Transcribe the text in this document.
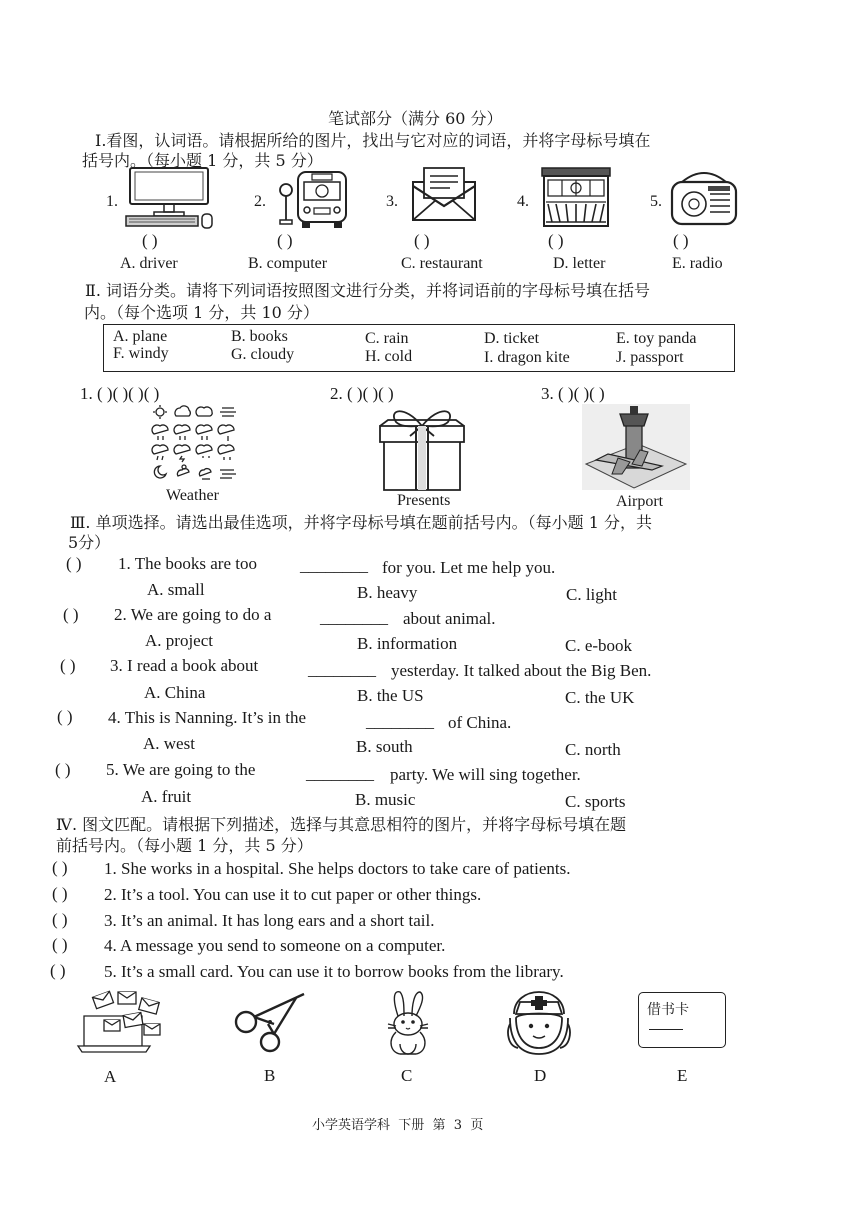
笔试部分（满分 60 分）
Ⅰ.看图，认词语。请根据所给的图片，找出与它对应的词语，并将字母标号填在
括号内。（每小题 1 分，共 5 分）
1.	2.	3.	4.	5.
( )	( )	( )	( )	( )
A. driver	B. computer	C. restaurant	D. letter	E. radio
Ⅱ. 词语分类。请将下列词语按照图文进行分类，并将词语前的字母标号填在括号
内。（每个选项 1 分，共 10 分）
A. plane	B. books	C. rain	D. ticket	E. toy panda
F. windy	G. cloudy	H. cold	I. dragon kite	J. passport
1. ( )( )( )( )	2. ( )( )( )	3. ( )( )( )
Weather	Presents	Airport
Ⅲ. 单项选择。请选出最佳选项，并将字母标号填在题前括号内。（每小题 1 分，共
5分）
( ) 1. The books are too	________ for you. Let me help you.
A. small	B. heavy	C. light
( ) 2. We are going to do a	________ about animal.
A. project	B. information	C. e-book
( ) 3. I read a book about	________ yesterday. It talked about the Big Ben.
A. China	B. the US	C. the UK
( ) 4. This is Nanning. It’s in the	________ of China.
A. west	B. south	C. north
( ) 5. We are going to the	________ party. We will sing together.
A. fruit	B. music	C. sports
Ⅳ. 图文匹配。请根据下列描述，选择与其意思相符的图片，并将字母标号填在题
前括号内。（每小题 1 分，共 5 分）
( ) 1. She works in a hospital. She helps doctors to take care of patients.
( ) 2. It’s a tool. You can use it to cut paper or other things.
( ) 3. It’s an animal. It has long ears and a short tail.
( ) 4. A message you send to someone on a computer.
( ) 5. It’s a small card. You can use it to borrow books from the library.
A	B	C	D
借书卡
E
小学英语学科  下册  第  3  页
